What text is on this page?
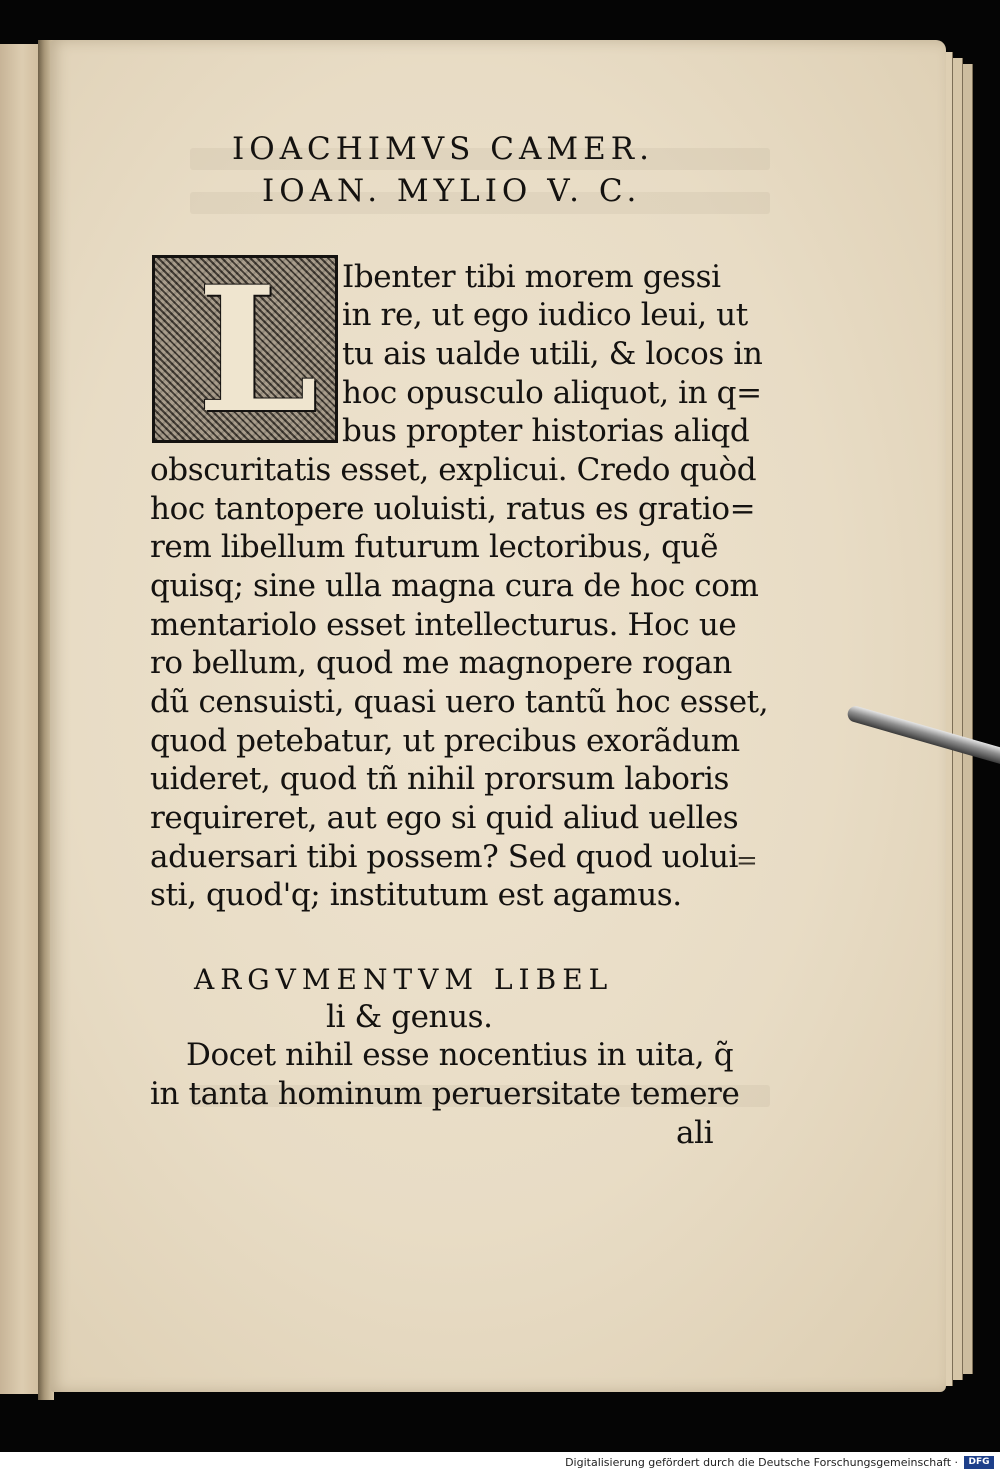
IOACHIMVS CAMER.
IOAN. MYLIO V. C.
L Ibenter tibi morem gessi
in re, ut ego iudico leui, ut
tu ais ualde utili, & locos in
hoc opusculo aliquot, in q=
bus propter historias aliqd
obscuritatis esset, explicui. Credo quòd
hoc tantopere uoluisti, ratus es gratio=
rem libellum futurum lectoribus, quẽ
quisq; sine ulla magna cura de hoc com
mentariolo esset intellecturus. Hoc ue
ro bellum, quod me magnopere rogan
dũ censuisti, quasi uero tantũ hoc esset,
quod petebatur, ut precibus exorãdum
uideret, quod tñ nihil prorsum laboris
requireret, aut ego si quid aliud uelles
aduersari tibi possem? Sed quod uolui
sti, quod'q; institutum est agamus.
ARGVMENTVM LIBEL
li & genus.
Docet nihil esse nocentius in uita, q̃
in tanta hominum peruersitate temere
ali
=
Digitalisierung gefördert durch die Deutsche Forschungsgemeinschaft ·	DFG
